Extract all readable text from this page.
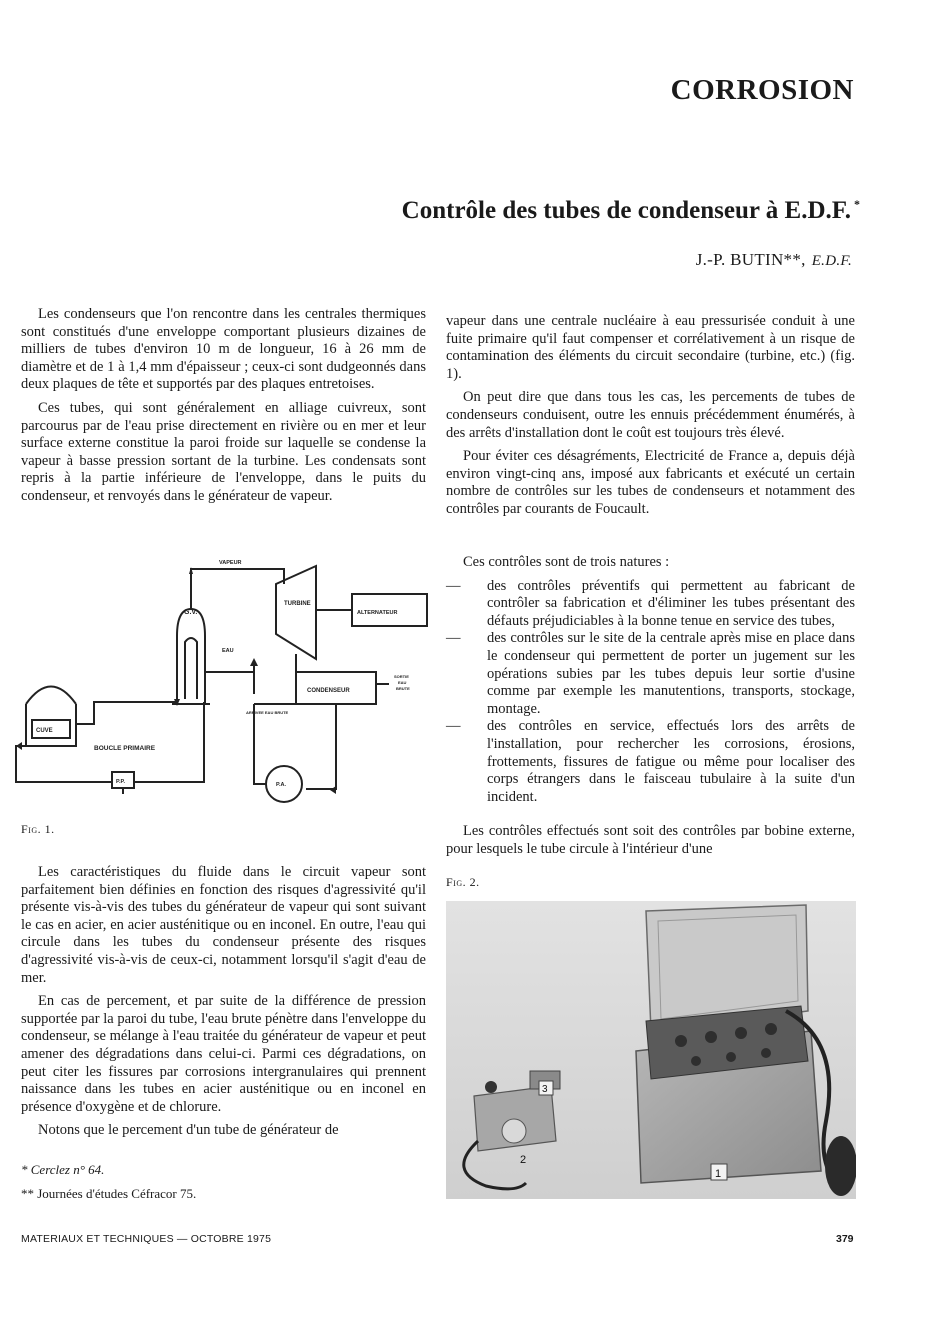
CORROSION
Contrôle des tubes de condenseur à E.D.F. *
J.-P. BUTIN**, E.D.F.

Les condenseurs que l'on rencontre dans les centrales thermiques sont constitués d'une enveloppe comportant plusieurs dizaines de milliers de tubes d'environ 10 m de longueur, 16 à 26 mm de diamètre et de 1 à 1,4 mm d'épaisseur ; ceux-ci sont dudgeonnés dans deux plaques de tête et supportés par des plaques entretoises.

Ces tubes, qui sont généralement en alliage cuivreux, sont parcourus par de l'eau prise directement en rivière ou en mer et leur surface externe constitue la paroi froide sur laquelle se condense la vapeur à basse pression sortant de la turbine. Les condensats sont repris à la partie inférieure de l'enveloppe, dans le puits du condenseur, et renvoyés dans le générateur de vapeur.

VAPEUR
TURBINE
ALTERNATEUR
G.V.
EAU
CONDENSEUR
ARRIVEE EAU BRUTE
SORTIE
EAU
BRUTE
CUVE
BOUCLE PRIMAIRE
P.P.	P.A.
Fig. 1.

Les caractéristiques du fluide dans le circuit vapeur sont parfaitement bien définies en fonction des risques d'agressivité qu'il présente vis-à-vis des tubes du générateur de vapeur qui sont suivant le cas en acier, en acier austénitique ou en inconel. En outre, l'eau qui circule dans les tubes du condenseur présente des risques d'agressivité vis-à-vis de ceux-ci, notamment lorsqu'il s'agit d'eau de mer.

En cas de percement, et par suite de la différence de pression supportée par la paroi du tube, l'eau brute pénètre dans l'enveloppe du condenseur, se mélange à l'eau traitée du générateur de vapeur et peut amener des dégradations dans celui-ci. Parmi ces dégradations, on peut citer les fissures par corrosions intergranulaires qui prennent naissance dans les tubes en acier austénitique ou en inconel en présence d'oxygène et de chlorure.

Notons que le percement d'un tube de générateur de

vapeur dans une centrale nucléaire à eau pressurisée conduit à une fuite primaire qu'il faut compenser et corrélativement à un risque de contamination des éléments du circuit secondaire (turbine, etc.) (fig. 1).

On peut dire que dans tous les cas, les percements de tubes de condenseurs conduisent, outre les ennuis précédemment énumérés, à des arrêts d'installation dont le coût est toujours très élevé.

Pour éviter ces désagréments, Electricité de France a, depuis déjà environ vingt-cinq ans, imposé aux fabricants et exécuté un certain nombre de contrôles sur les tubes de condenseurs et notamment des contrôles par courants de Foucault.

Ces contrôles sont de trois natures :

— des contrôles préventifs qui permettent au fabricant de contrôler sa fabrication et d'éliminer les tubes présentant des défauts préjudiciables à la bonne tenue en service des tubes,
— des contrôles sur le site de la centrale après mise en place dans le condenseur qui permettent de porter un jugement sur les opérations subies par les tubes depuis leur sortie d'usine comme par exemple les manutentions, transports, stockage, montage.
— des contrôles en service, effectués lors des arrêts de l'installation, pour rechercher les corrosions, érosions, frottements, fissures de fatigue ou même pour localiser des corps étrangers dans le faisceau tubulaire à la suite d'un incident.

Les contrôles effectués sont soit des contrôles par bobine externe, pour lesquels le tube circule à l'intérieur d'une

Fig. 2.
3
2
1
* Cerclez n° 64.
** Journées d'études Céfracor 75.
MATERIAUX ET TECHNIQUES — OCTOBRE 1975	379
